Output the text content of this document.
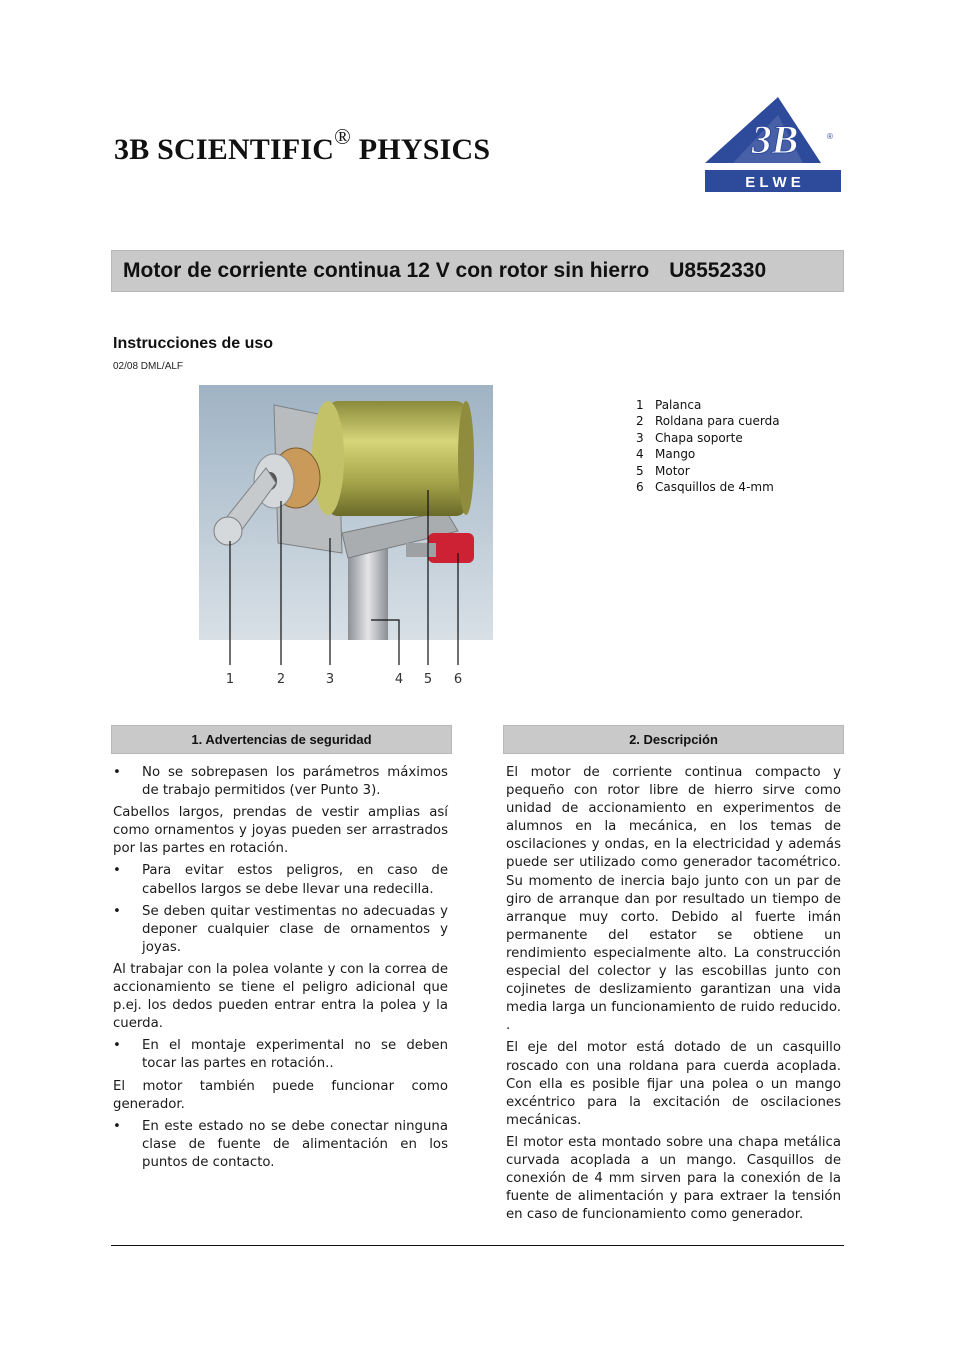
3B SCIENTIFIC® PHYSICS	3B	®
E L W E
Motor de corriente continua 12 V con rotor sin hierro U8552330
Instrucciones de uso
02/08 DML/ALF
1	2	3	4 5 6
1 Palanca
2 Roldana para cuerda
3 Chapa soporte
4 Mango
5 Motor
6 Casquillos de 4-mm
1. Advertencias de seguridad	2. Descripción
•	No se sobrepasen los parámetros máximos de trabajo permitidos (ver Punto 3).

Cabellos largos, prendas de vestir amplias así como ornamentos y joyas pueden ser arrastrados por las partes en rotación.

•	Para evitar estos peligros, en caso de cabellos largos se debe llevar una redecilla.
•	Se deben quitar vestimentas no adecuadas y deponer cualquier clase de ornamentos y joyas.

Al trabajar con la polea volante y con la correa de accionamiento se tiene el peligro adicional que p.ej. los dedos pueden entrar entra la polea y la cuerda.

•	En el montaje experimental no se deben tocar las partes en rotación..

El motor también puede funcionar como generador.

•	En este estado no se debe conectar ninguna clase de fuente de alimentación en los puntos de contacto.

El motor de corriente continua compacto y pequeño con rotor libre de hierro sirve como unidad de accionamiento en experimentos de alumnos en la mecánica, en los temas de oscilaciones y ondas, en la electricidad y además puede ser utilizado como generador tacométrico. Su momento de inercia bajo junto con un par de giro de arranque dan por resultado un tiempo de arranque muy corto. Debido al fuerte imán permanente del estator se obtiene un rendimiento especialmente alto. La construcción especial del colector y las escobillas junto con cojinetes de deslizamiento garantizan una vida media larga un funcionamiento de ruido reducido. .

El eje del motor está dotado de un casquillo roscado con una roldana para cuerda acoplada. Con ella es posible fijar una polea o un mango excéntrico para la excitación de oscilaciones mecánicas.

El motor esta montado sobre una chapa metálica curvada acoplada a un mango. Casquillos de conexión de 4 mm sirven para la conexión de la fuente de alimentación y para extraer la tensión en caso de funcionamiento como generador.
